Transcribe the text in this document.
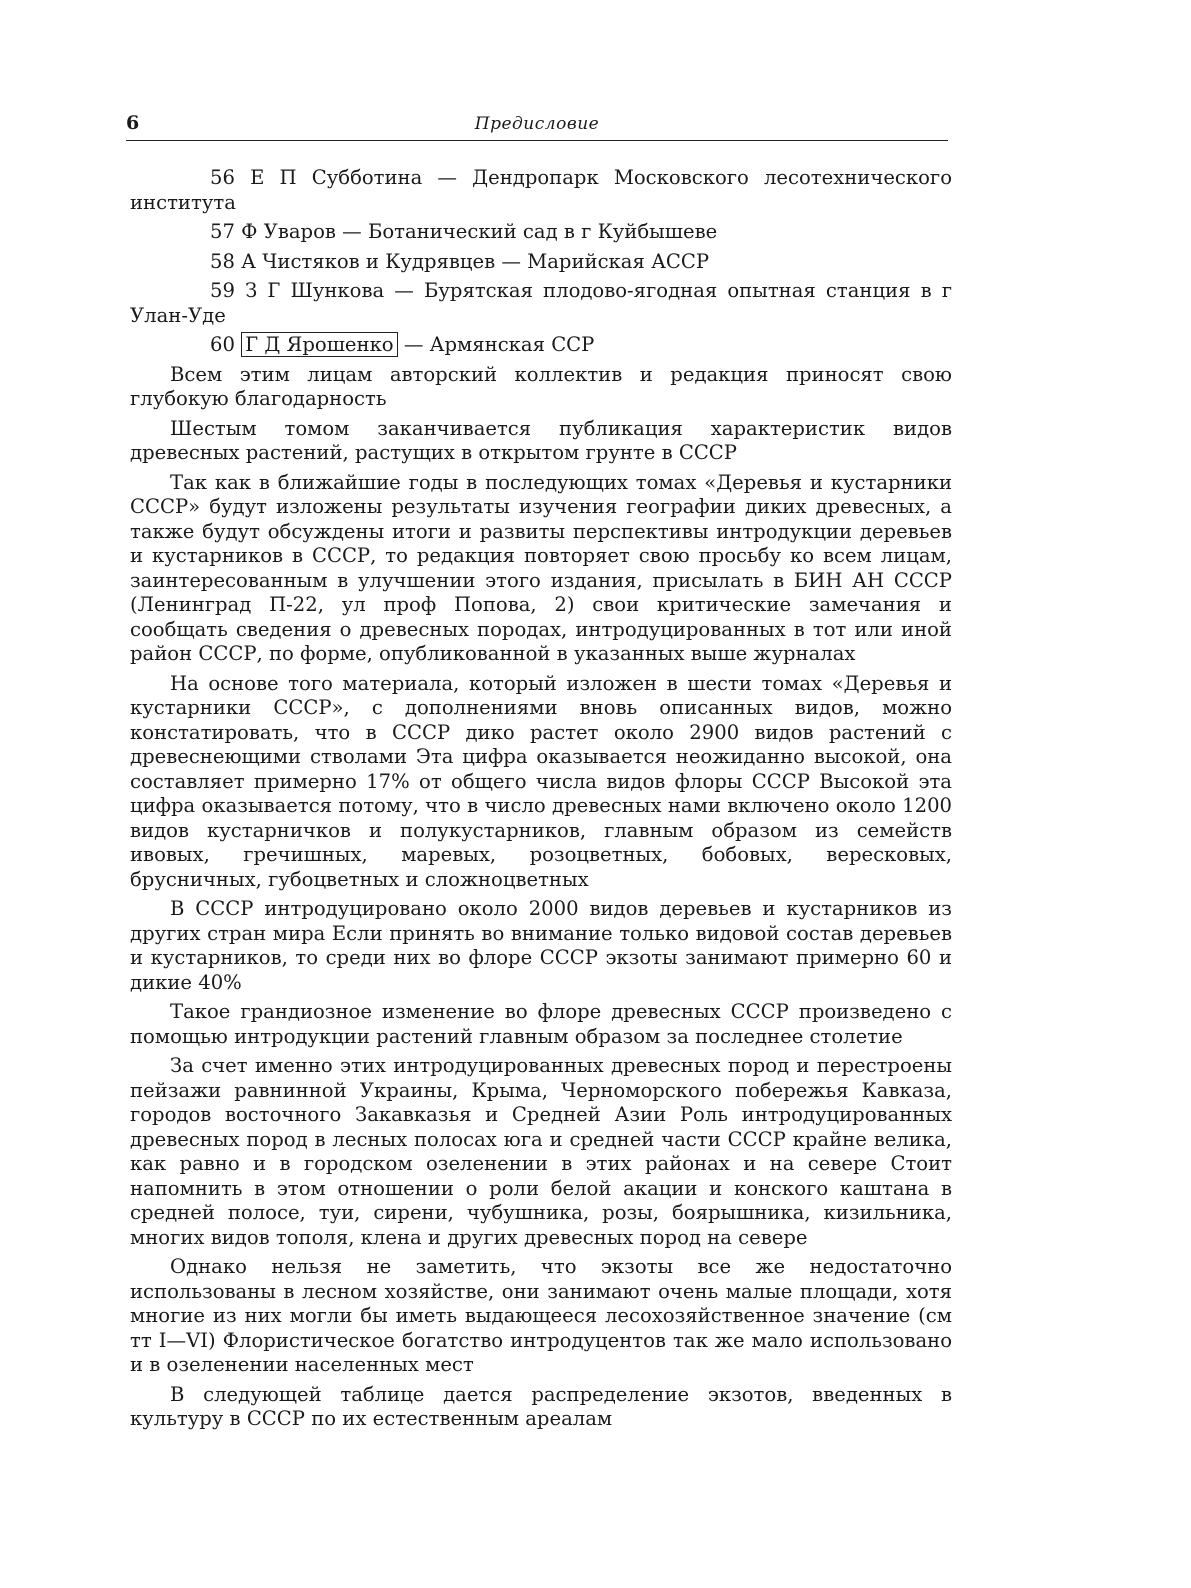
6	Предисловие

56 Е П Субботина — Дендропарк Московского лесотехнического института

57 Ф Уваров — Ботанический сад в г Куйбышеве

58 А Чистяков и Кудрявцев — Марийская АССР

59 З Г Шункова — Бурятская плодово-ягодная опытная станция в г Улан-Уде

60 Г Д Ярошенко — Армянская ССР

Всем этим лицам авторский коллектив и редакция приносят свою глубокую благодарность

Шестым томом заканчивается публикация характеристик видов древесных растений, растущих в открытом грунте в СССР

Так как в ближайшие годы в последующих томах «Деревья и кустарники СССР» будут изложены результаты изучения географии диких древесных, а также будут обсуждены итоги и развиты перспективы интродукции деревьев и кустарников в СССР, то редакция повторяет свою просьбу ко всем лицам, заинтересованным в улучшении этого издания, присылать в БИН АН СССР (Ленинград П-22, ул проф Попова, 2) свои критические замечания и сообщать сведения о древесных породах, интродуцированных в тот или иной район СССР, по форме, опубликованной в указанных выше журналах

На основе того материала, который изложен в шести томах «Деревья и кустарники СССР», с дополнениями вновь описанных видов, можно констатировать, что в СССР дико растет около 2900 видов растений с древеснеющими стволами Эта цифра оказывается неожиданно высокой, она составляет примерно 17% от общего числа видов флоры СССР Высокой эта цифра оказывается потому, что в число древесных нами включено около 1200 видов кустарничков и полукустарников, главным образом из семейств ивовых, гречишных, маревых, розоцветных, бобовых, вересковых, брусничных, губоцветных и сложноцветных

В СССР интродуцировано около 2000 видов деревьев и кустарников из других стран мира Если принять во внимание только видовой состав деревьев и кустарников, то среди них во флоре СССР экзоты занимают примерно 60 и дикие 40%

Такое грандиозное изменение во флоре древесных СССР произведено с помощью интродукции растений главным образом за последнее столетие

За счет именно этих интродуцированных древесных пород и перестроены пейзажи равнинной Украины, Крыма, Черноморского побережья Кавказа, городов восточного Закавказья и Средней Азии Роль интродуцированных древесных пород в лесных полосах юга и средней части СССР крайне велика, как равно и в городском озеленении в этих районах и на севере Стоит напомнить в этом отношении о роли белой акации и конского каштана в средней полосе, туи, сирени, чубушника, розы, боярышника, кизильника, многих видов тополя, клена и других древесных пород на севере

Однако нельзя не заметить, что экзоты все же недостаточно использованы в лесном хозяйстве, они занимают очень малые площади, хотя многие из них могли бы иметь выдающееся лесохозяйственное значение (см тт I—VI) Флористическое богатство интродуцентов так же мало использовано и в озеленении населенных мест

В следующей таблице дается распределение экзотов, введенных в культуру в СССР по их естественным ареалам
